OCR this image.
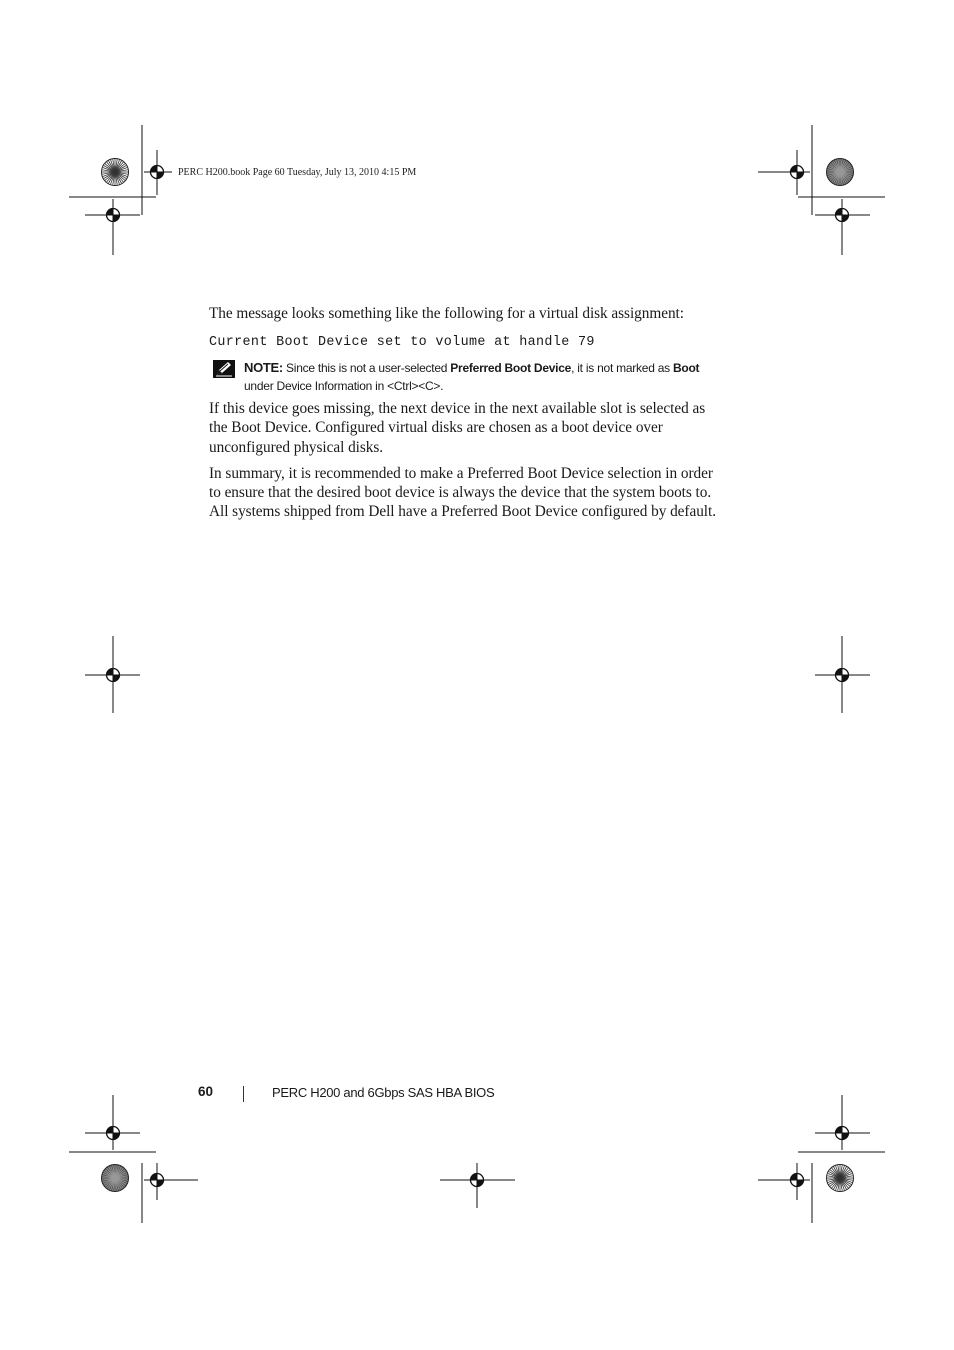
PERC H200.book Page 60 Tuesday, July 13, 2010 4:15 PM

The message looks something like the following for a virtual disk assignment:

Current Boot Device set to volume at handle 79

NOTE: Since this is not a user-selected Preferred Boot Device, it is not marked as Boot under Device Information in <Ctrl><C>.

If this device goes missing, the next device in the next available slot is selected as the Boot Device. Configured virtual disks are chosen as a boot device over unconfigured physical disks.

In summary, it is recommended to make a Preferred Boot Device selection in order to ensure that the desired boot device is always the device that the system boots to. All systems shipped from Dell have a Preferred Boot Device configured by default.

60	PERC H200 and 6Gbps SAS HBA BIOS
